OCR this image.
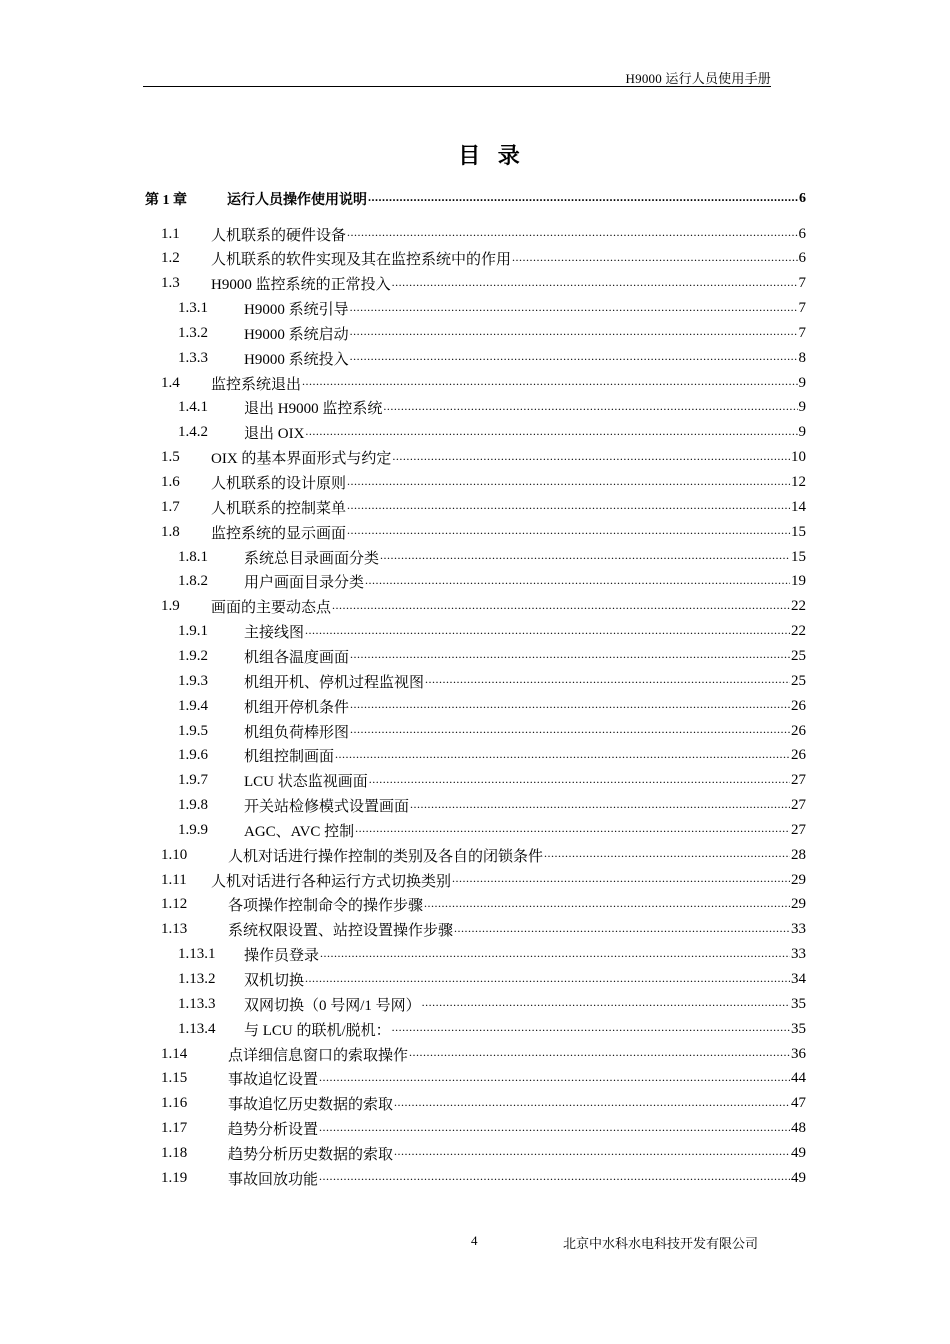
H9000 运行人员使用手册
目 录
第 1 章	运行人员操作使用说明 .....	6
1.1	人机联系的硬件设备 .....	6
1.2	人机联系的软件实现及其在监控系统中的作用 .....	6
1.3	H9000 监控系统的正常投入 .....	7
1.3.1	H9000 系统引导 .....	7
1.3.2	H9000 系统启动 .....	7
1.3.3	H9000 系统投入 .....	8
1.4	监控系统退出 .....	9
1.4.1	退出 H9000 监控系统 .....	9
1.4.2	退出 OIX .....	9
1.5	OIX 的基本界面形式与约定 .....	10
1.6	人机联系的设计原则 .....	12
1.7	人机联系的控制菜单 .....	14
1.8	监控系统的显示画面 .....	15
1.8.1	系统总目录画面分类 .....	15
1.8.2	用户画面目录分类 .....	19
1.9	画面的主要动态点 .....	22
1.9.1	主接线图 .....	22
1.9.2	机组各温度画面 .....	25
1.9.3	机组开机、停机过程监视图 .....	25
1.9.4	机组开停机条件 .....	26
1.9.5	机组负荷棒形图 .....	26
1.9.6	机组控制画面 .....	26
1.9.7	LCU 状态监视画面 .....	27
1.9.8	开关站检修模式设置画面 .....	27
1.9.9	AGC、AVC 控制 .....	27
1.10	人机对话进行操作控制的类别及各自的闭锁条件 .....	28
1.11	人机对话进行各种运行方式切换类别 .....	29
1.12	各项操作控制命令的操作步骤 .....	29
1.13	系统权限设置、站控设置操作步骤 .....	33
1.13.1	操作员登录 .....	33
1.13.2	双机切换 .....	34
1.13.3	双网切换（0 号网/1 号网） .....	35
1.13.4	与 LCU 的联机/脱机： .....	35
1.14	点详细信息窗口的索取操作 .....	36
1.15	事故追忆设置 .....	44
1.16	事故追忆历史数据的索取 .....	47
1.17	趋势分析设置 .....	48
1.18	趋势分析历史数据的索取 .....	49
1.19	事故回放功能 .....	49
4	北京中水科水电科技开发有限公司
